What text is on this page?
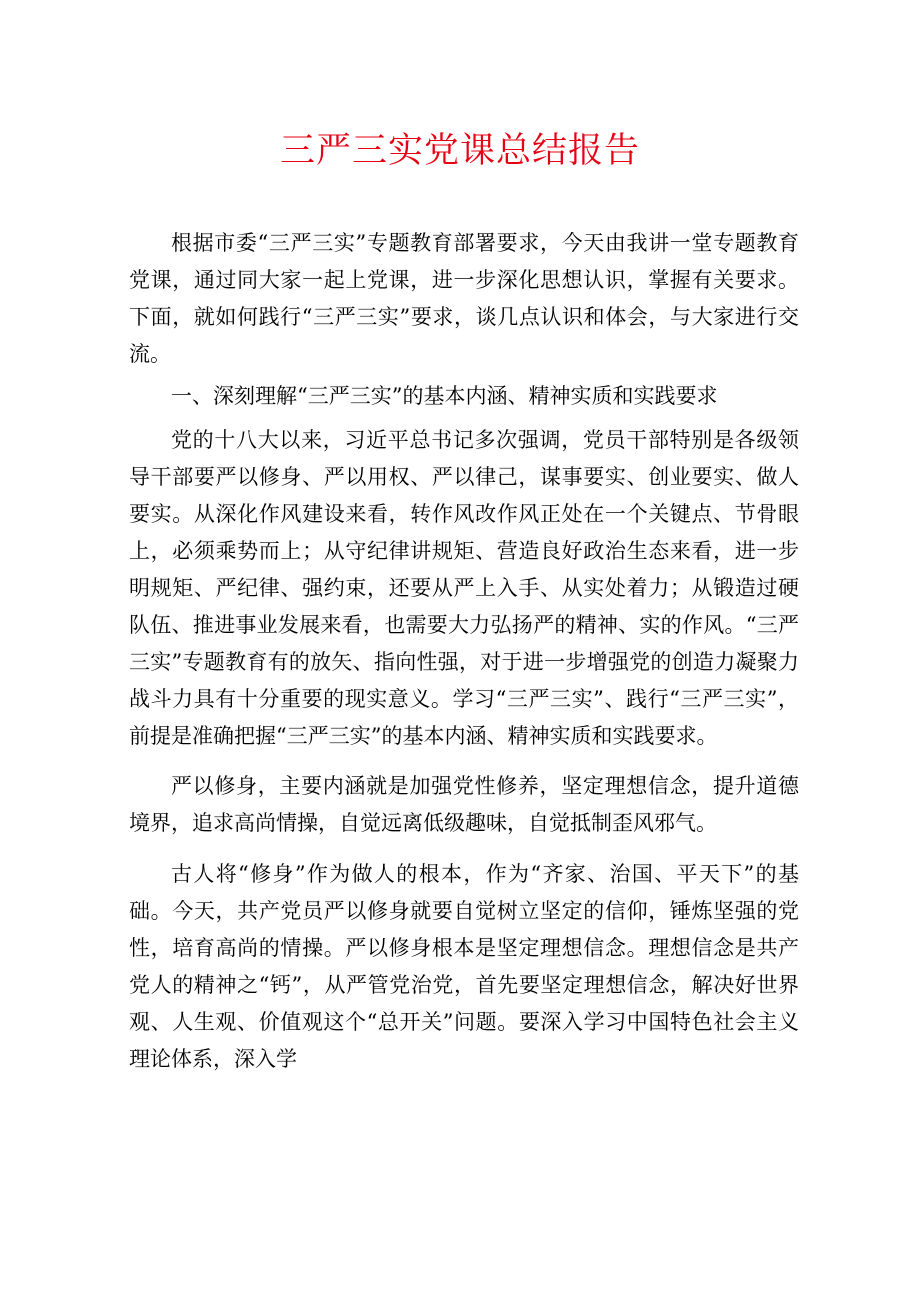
三严三实党课总结报告

根据市委“三严三实”专题教育部署要求，今天由我讲一堂专题教育党课，通过同大家一起上党课，进一步深化思想认识，掌握有关要求。下面，就如何践行“三严三实”要求，谈几点认识和体会，与大家进行交流。

一、深刻理解“三严三实”的基本内涵、精神实质和实践要求

党的十八大以来，习近平总书记多次强调，党员干部特别是各级领导干部要严以修身、严以用权、严以律己，谋事要实、创业要实、做人要实。从深化作风建设来看，转作风改作风正处在一个关键点、节骨眼上，必须乘势而上；从守纪律讲规矩、营造良好政治生态来看，进一步明规矩、严纪律、强约束，还要从严上入手、从实处着力；从锻造过硬队伍、推进事业发展来看，也需要大力弘扬严的精神、实的作风。“三严三实”专题教育有的放矢、指向性强，对于进一步增强党的创造力凝聚力战斗力具有十分重要的现实意义。学习“三严三实”、践行“三严三实”，前提是准确把握“三严三实”的基本内涵、精神实质和实践要求。

严以修身，主要内涵就是加强党性修养，坚定理想信念，提升道德境界，追求高尚情操，自觉远离低级趣味，自觉抵制歪风邪气。

古人将“修身”作为做人的根本，作为“齐家、治国、平天下”的基础。今天，共产党员严以修身就要自觉树立坚定的信仰，锤炼坚强的党性，培育高尚的情操。严以修身根本是坚定理想信念。理想信念是共产党人的精神之“钙”，从严管党治党，首先要坚定理想信念，解决好世界观、人生观、价值观这个“总开关”问题。要深入学习中国特色社会主义理论体系，深入学
